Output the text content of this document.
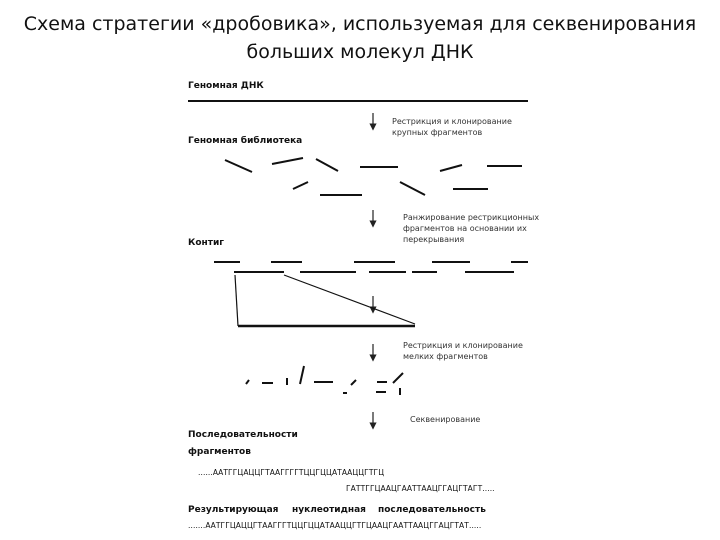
Схема стратегии «дробовика», используемая для секвенирования
больших молекул ДНК
Геномная ДНК
Геномная библиотека
Контиг
Последовательности
фрагментов
Результирующая нуклеотидная последовательность
Рестрикция и клонирование
крупных фрагментов
Ранжирование рестрикционных
фрагментов на основании их
перекрывания
Рестрикция и клонирование
мелких фрагментов
Секвенирование
......ААТГГЦАЦЦГТААГГГГТЦЦГЦЦАТААЦЦГТГЦ
ГАТТГГЦААЦГААТТААЦГГАЦГТАГТ.....
.......ААТГГЦАЦЦГТААГГГТЦЦГЦЦАТААЦЦГТГЦААЦГААТТААЦГГАЦГТАТ.....
